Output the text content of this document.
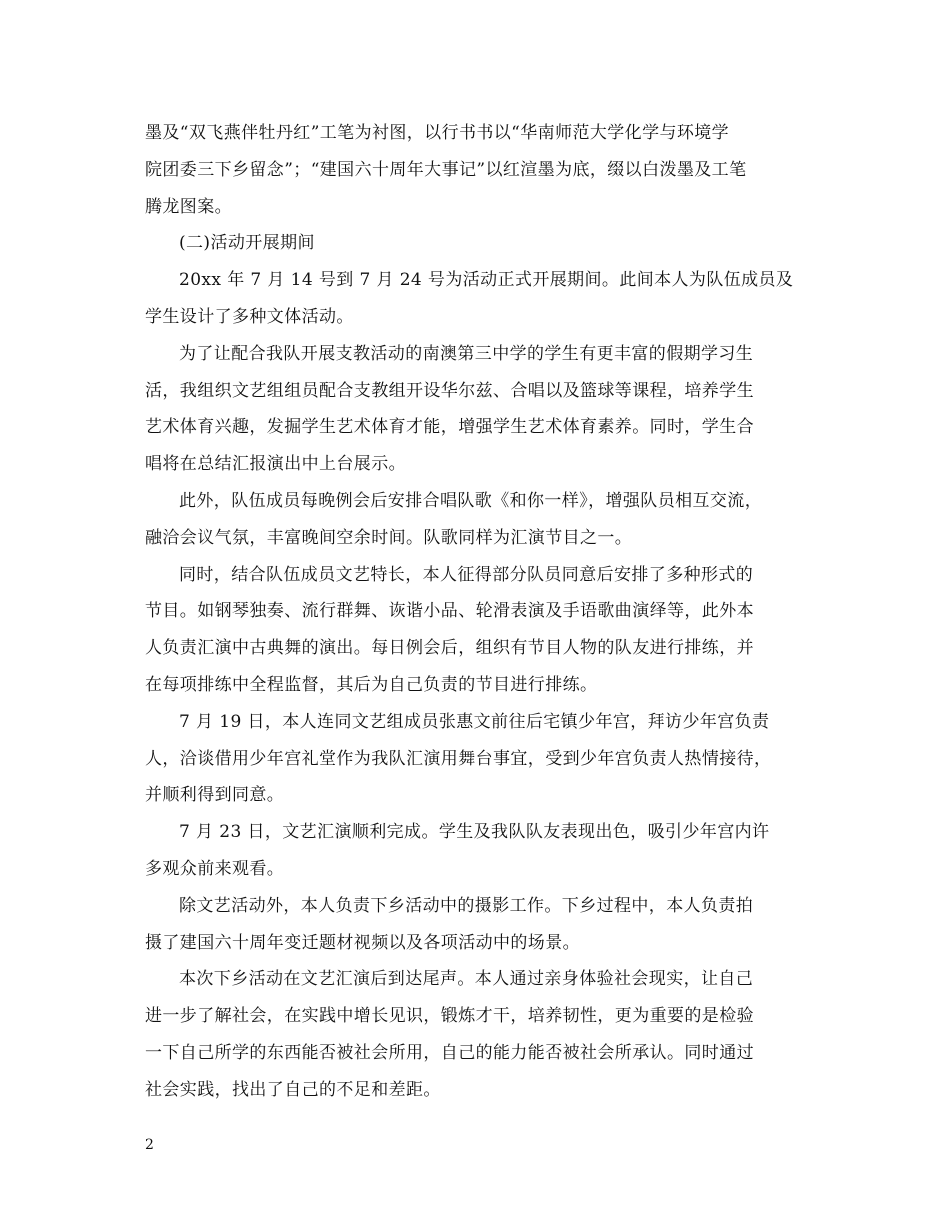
墨及“双飞燕伴牡丹红”工笔为衬图，以行书书以“华南师范大学化学与环境学
院团委三下乡留念”；“建国六十周年大事记”以红渲墨为底，缀以白泼墨及工笔
腾龙图案。
(二)活动开展期间
20xx 年 7 月 14 号到 7 月 24 号为活动正式开展期间。此间本人为队伍成员及
学生设计了多种文体活动。
为了让配合我队开展支教活动的南澳第三中学的学生有更丰富的假期学习生
活，我组织文艺组组员配合支教组开设华尔兹、合唱以及篮球等课程，培养学生
艺术体育兴趣，发掘学生艺术体育才能，增强学生艺术体育素养。同时，学生合
唱将在总结汇报演出中上台展示。
此外，队伍成员每晚例会后安排合唱队歌《和你一样》，增强队员相互交流，
融洽会议气氛，丰富晚间空余时间。队歌同样为汇演节目之一。
同时，结合队伍成员文艺特长，本人征得部分队员同意后安排了多种形式的
节目。如钢琴独奏、流行群舞、诙谐小品、轮滑表演及手语歌曲演绎等，此外本
人负责汇演中古典舞的演出。每日例会后，组织有节目人物的队友进行排练，并
在每项排练中全程监督，其后为自己负责的节目进行排练。
7 月 19 日，本人连同文艺组成员张惠文前往后宅镇少年宫，拜访少年宫负责
人，洽谈借用少年宫礼堂作为我队汇演用舞台事宜，受到少年宫负责人热情接待，
并顺利得到同意。
7 月 23 日，文艺汇演顺利完成。学生及我队队友表现出色，吸引少年宫内许
多观众前来观看。
除文艺活动外，本人负责下乡活动中的摄影工作。下乡过程中，本人负责拍
摄了建国六十周年变迁题材视频以及各项活动中的场景。
本次下乡活动在文艺汇演后到达尾声。本人通过亲身体验社会现实，让自己
进一步了解社会，在实践中增长见识，锻炼才干，培养韧性，更为重要的是检验
一下自己所学的东西能否被社会所用，自己的能力能否被社会所承认。同时通过
社会实践，找出了自己的不足和差距。
2
